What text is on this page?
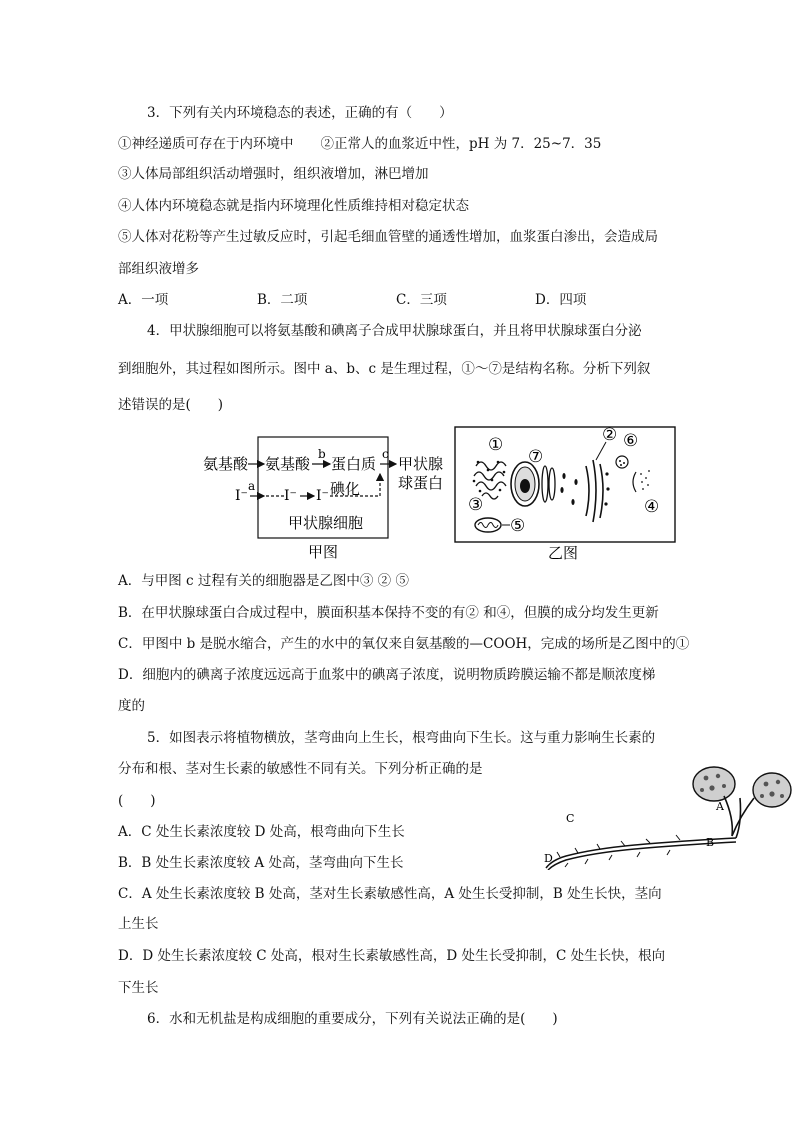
3．下列有关内环境稳态的表述，正确的有（　　）
①神经递质可存在于内环境中　　②正常人的血浆近中性，pH 为 7．25~7．35
③人体局部组织活动增强时，组织液增加，淋巴增加
④人体内环境稳态就是指内环境理化性质维持相对稳定状态
⑤人体对花粉等产生过敏反应时，引起毛细血管壁的通透性增加，血浆蛋白渗出，会造成局
部组织液增多
A．一项	B．二项	C．三项	D．四项
4．甲状腺细胞可以将氨基酸和碘离子合成甲状腺球蛋白，并且将甲状腺球蛋白分泌
到细胞外，其过程如图所示。图中 a、b、c 是生理过程，①～⑦是结构名称。分析下列叙
述错误的是(　　)
氨基酸 氨基酸
b
蛋白质
c
甲状腺
球蛋白
I⁻
a
I⁻ I⁻ 碘化
甲状腺细胞
甲图
①	②
③	④
⑤
⑥
⑦
乙图
A．与甲图 c 过程有关的细胞器是乙图中③ ② ⑤
B．在甲状腺球蛋白合成过程中，膜面积基本保持不变的有② 和④，但膜的成分均发生更新
C．甲图中 b 是脱水缩合，产生的水中的氧仅来自氨基酸的—COOH，完成的场所是乙图中的①
D．细胞内的碘离子浓度远远高于血浆中的碘离子浓度，说明物质跨膜运输不都是顺浓度梯
度的
5．如图表示将植物横放，茎弯曲向上生长，根弯曲向下生长。这与重力影响生长素的
分布和根、茎对生长素的敏感性不同有关。下列分析正确的是
(　　)
A．C 处生长素浓度较 D 处高，根弯曲向下生长
B．B 处生长素浓度较 A 处高，茎弯曲向下生长
C．A 处生长素浓度较 B 处高，茎对生长素敏感性高，A 处生长受抑制，B 处生长快，茎向
上生长
D．D 处生长素浓度较 C 处高，根对生长素敏感性高，D 处生长受抑制，C 处生长快，根向
下生长
A
B
C
D
6．水和无机盐是构成细胞的重要成分，下列有关说法正确的是(　　)
